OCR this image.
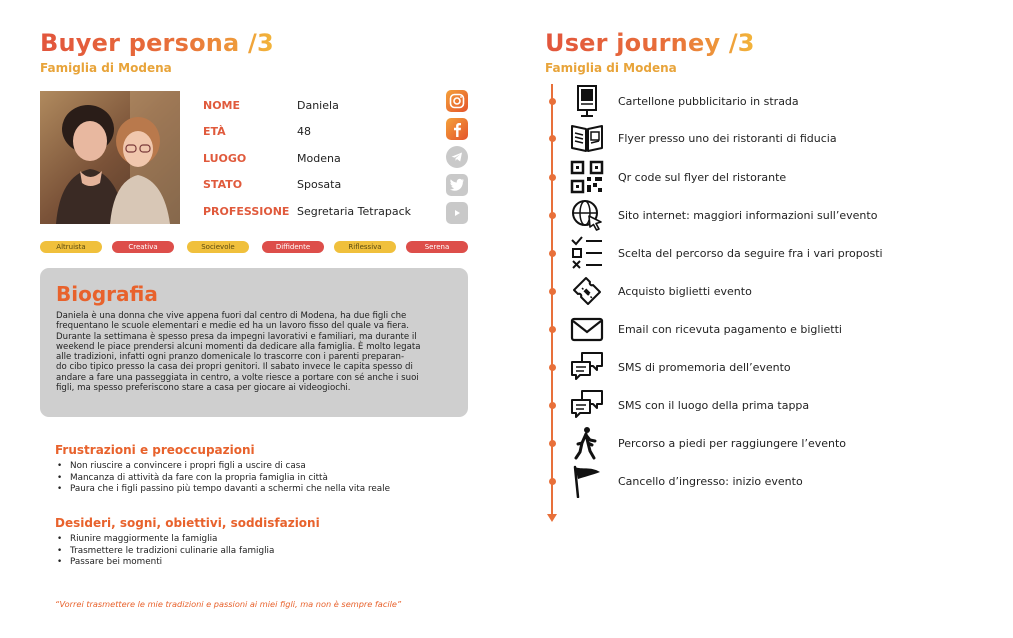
Buyer persona /3
Famiglia di Modena
NOME	Daniela
ETÀ	48
LUOGO	Modena
STATO	Sposata
PROFESSIONE Segretaria Tetrapack
Altruista	Creativa	Socievole	Diffidente	Riflessiva	Serena
Biografia
Daniela è una donna che vive appena fuori dal centro di Modena, ha due figli che
frequentano le scuole elementari e medie ed ha un lavoro fisso del quale va fiera.
Durante la settimana è spesso presa da impegni lavorativi e familiari, ma durante il
weekend le piace prendersi alcuni momenti da dedicare alla famiglia. È molto legata
alle tradizioni, infatti ogni pranzo domenicale lo trascorre con i parenti preparan-
do cibo tipico presso la casa dei propri genitori. Il sabato invece le capita spesso di
andare a fare una passeggiata in centro, a volte riesce a portare con sé anche i suoi
figli, ma spesso preferiscono stare a casa per giocare ai videogiochi.
Frustrazioni e preoccupazioni
• Non riuscire a convincere i propri figli a uscire di casa
• Mancanza di attività da fare con la propria famiglia in città
• Paura che i figli passino più tempo davanti a schermi che nella vita reale
Desideri, sogni, obiettivi, soddisfazioni
• Riunire maggiormente la famiglia
• Trasmettere le tradizioni culinarie alla famiglia
• Passare bei momenti
“Vorrei trasmettere le mie tradizioni e passioni ai miei figli, ma non è sempre facile”
User journey /3
Famiglia di Modena
Cartellone pubblicitario in strada
Flyer presso uno dei ristoranti di fiducia
Qr code sul flyer del ristorante
Sito internet: maggiori informazioni sull’evento
Scelta del percorso da seguire fra i vari proposti
Acquisto biglietti evento
Email con ricevuta pagamento e biglietti
SMS di promemoria dell’evento
SMS con il luogo della prima tappa
Percorso a piedi per raggiungere l’evento
Cancello d’ingresso: inizio evento
